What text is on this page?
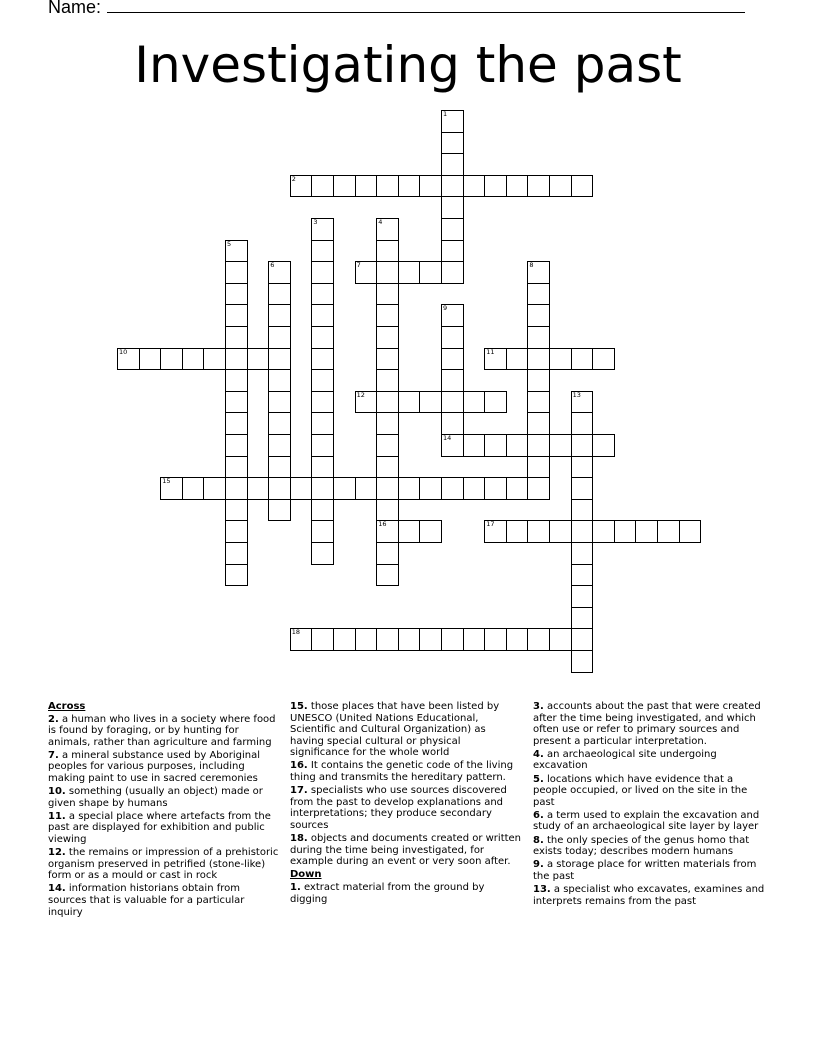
Name:
Investigating the past
1
2
3	4
16
5
6	7	8
9
14
10	11
12	13
15
17
18
Across
2. a human who lives in a society where food is found by foraging, or by hunting for animals, rather than agriculture and farming
7. a mineral substance used by Aboriginal peoples for various purposes, including making paint to use in sacred ceremonies
10. something (usually an object) made or given shape by humans
11. a special place where artefacts from the past are displayed for exhibition and public viewing
12. the remains or impression of a prehistoric organism preserved in petrified (stone-like) form or as a mould or cast in rock
14. information historians obtain from sources that is valuable for a particular inquiry
15. those places that have been listed by UNESCO (United Nations Educational, Scientific and Cultural Organization) as having special cultural or physical significance for the whole world
16. It contains the genetic code of the living thing and transmits the hereditary pattern.
17. specialists who use sources discovered from the past to develop explanations and interpretations; they produce secondary sources
18. objects and documents created or written during the time being investigated, for example during an event or very soon after.
Down
1. extract material from the ground by digging
3. accounts about the past that were created after the time being investigated, and which often use or refer to primary sources and present a particular interpretation.
4. an archaeological site undergoing excavation
5. locations which have evidence that a people occupied, or lived on the site in the past
6. a term used to explain the excavation and study of an archaeological site layer by layer
8. the only species of the genus homo that exists today; describes modern humans
9. a storage place for written materials from the past
13. a specialist who excavates, examines and interprets remains from the past
